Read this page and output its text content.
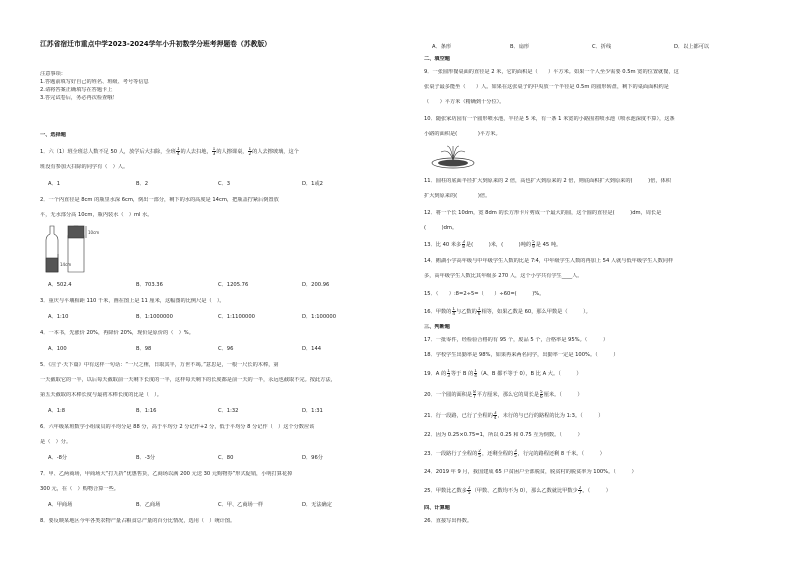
江苏省宿迁市重点中学2023-2024学年小升初数学分班考押题卷（苏教版）
注意事项：
1.答题前填写好自己的姓名、班级、考号等信息
2.请将答案正确填写在答题卡上
3.答完试卷后，务必再次检查哦！
一、选择题
1．六（1）班全班总人数不足 50 人，放学后大扫除，全班 $\frac{1}{4}$ 的人去扫地， $\frac{1}{3}$ 的人擦课桌， $\frac{1}{2}$ 的人去擦玻璃，这个
班没有参加大扫除的同学有（　）人。
A．1	B．2	C．3	D．1或2
2．一个内直径是 8cm 的瓶里水深 6cm，倒出一部分，剩下的水的高度是 14cm，把瓶盖拧紧后倒置放
平，无水部分高 10cm，瓶内装水（　）ml 水。
10cm
14cm
A．502.4	B．703.36	C．1205.76	D．200.96
3．重庆与平壤相距 110 千米，画在图上是 11 厘米，这幅图的比例尺是（　）。
A．1:10	B．1:1000000	C．1:1100000	D．1:100000
4．一本书，先涨价 20%，再降价 20%，现价是原价的（　）%。
A．100	B．98	C．96	D．144
5．《庄子·天下篇》中有这样一句话：“一尺之棰，日取其半，万世不竭。”意思是，一根一尺长的木棒，第
一天截取它的一半，以后每天截取前一天剩下长度的一半，这样每天剩下的长度都是前一天的一半，永远也截取不完。按此方法，
第五天截取的木棒长度与最初木棒长度的比是（　）。
A．1:8	B．1:16	C．1:32	D．1:31
6．六年级某班数学小组成员的平均分是 88 分，高于平均分 2 分记作+2 分，低于平均分 8 分记作（　）这个分数应该
是（　）分。
A．-8分	B．-3分	C．80	D．96分
7．甲、乙两商场，甲商场大“打九折”优惠售货，乙商场以满 200 元送 30 元购物券”形式促销，小明打算花掉
300 元，在（　）购物合算一些。
A．甲商场	B．乙商场	C．甲、乙商场一样	D．无法确定
8．要反映某地区今年各类农物产量占粮食总产量的百分比情况，选用（　）统计图。
A．条形	B．扇形	C．折线	D．以上都可以
二、填空题
9．一张圆形餐桌面的直径是 2 米，它的面积是（　　）平方米。如果一个人至少需要 0.5m 宽的位置就餐，这
张桌子最多能坐（　　）人。如果在这张桌子的中央放一个半径是 0.5m 的圆形转盘，剩下的桌面面积约是
（　　）平方米（精确到十分位）。
10．随张家坊园有一个圆形喷水池，半径是 5 米，有一条 1 米宽的小路围着喷水池（喷水池深度不算），这条
小路的面积是(　　　　)平方米。
11．圆柱的底面半径扩大到原来的 2 倍，高也扩大到原来的 2 倍，则底面积扩大到原来的(　　　)倍，体积
扩大到原来的(　　　　)倍。
12．将一个长 10dm，宽 8dm 的长方形卡片剪成一个最大的圆，这个圆的直径是(　　　)dm，周长是
(　　　)dm。
13．比 40 米多 $\frac{3}{8}$ 是(　　　)米，(　　　)吨的 $\frac{5}{9}$ 是 45 吨。
14．鹅湖小学高年级与中年级学生人数的比是 7∶4，中年级学生人数的再加上 54 人就与低年级学生人数同样
多，高年级学生人数比其年级多 270 人，这个小学共有学生____人。
15．（　　）:8=2÷5=（　　）÷60=(　　　)%。
16．甲数的 $\frac{1}{4}$ 与乙数的 $\frac{1}{6}$ 相等，如果乙数是 60，那么甲数是（　　　）。
三、判断题
17．一批零件，经检验合格的有 95 个，废品 5 个，合格率是 95%。（　　　）
18．学校学生出勤率是 98%，如果再来两名同学，出勤率一定是 100%。（　　　）
19．A 的 $\frac{1}{3}$ 等于 B 的 $\frac{1}{4} (A$、B 都不等于 0），B 比 A 大。（　　　）
20．一个圆的面积是 $\frac{8}{7}$ 平方厘米，那么它的周长是 $\frac{5}{6}$ 厘米。（　　　）
21．行一段路，已行了全程的 $\frac{3}{4}$ ，未行的与已行的路程的比为 1:3。（　　　）
22．因为 0.25×0.75=1，所以 0.25 和 0.75 互为倒数。（　　　）
23．一段路行了全程的 $\frac{2}{5}$ ，还剩全程的 $\frac{3}{5}$ ，行完的路程还剩 8 千米。（　　　）
24．2019 年 9 月，我国建成 65 户贫困户全部脱贫，脱贫村的脱贫率为 100%。（　　　）
25．甲数比乙数多 $\frac{2}{5}$ （甲数、乙数均不为 0），那么乙数就比甲数少 $\frac{2}{7}$ 。（　　　）
四、计算题
26．直接写出得数。
